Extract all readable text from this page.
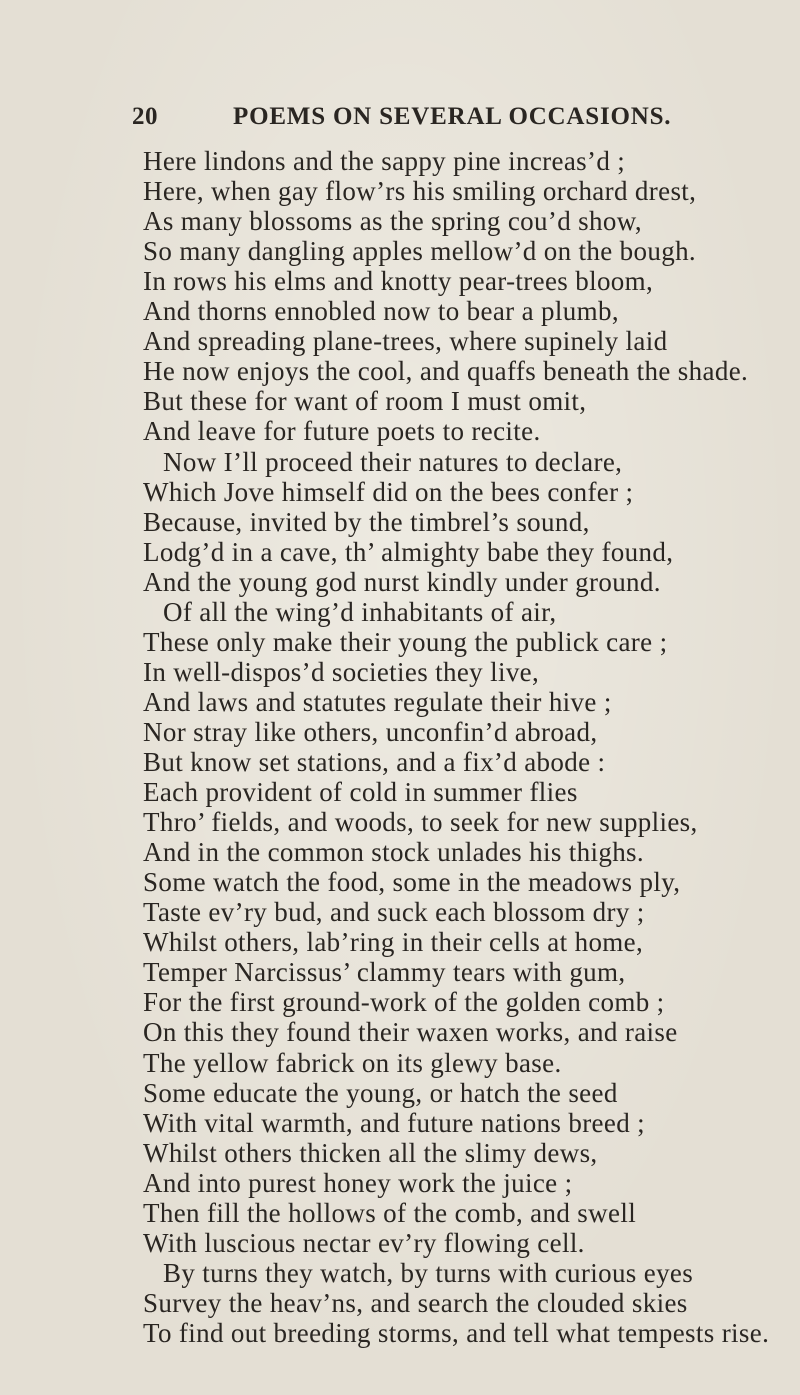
20	POEMS ON SEVERAL OCCASIONS.
Here lindons and the sappy pine increas’d ;
Here, when gay flow’rs his smiling orchard drest,
As many blossoms as the spring cou’d show,
So many dangling apples mellow’d on the bough.
In rows his elms and knotty pear-trees bloom,
And thorns ennobled now to bear a plumb,
And spreading plane-trees, where supinely laid
He now enjoys the cool, and quaffs beneath the shade.
But these for want of room I must omit,
And leave for future poets to recite.
Now I’ll proceed their natures to declare,
Which Jove himself did on the bees confer ;
Because, invited by the timbrel’s sound,
Lodg’d in a cave, th’ almighty babe they found,
And the young god nurst kindly under ground.
Of all the wing’d inhabitants of air,
These only make their young the publick care ;
In well-dispos’d societies they live,
And laws and statutes regulate their hive ;
Nor stray like others, unconfin’d abroad,
But know set stations, and a fix’d abode :
Each provident of cold in summer flies
Thro’ fields, and woods, to seek for new supplies,
And in the common stock unlades his thighs.
Some watch the food, some in the meadows ply,
Taste ev’ry bud, and suck each blossom dry ;
Whilst others, lab’ring in their cells at home,
Temper Narcissus’ clammy tears with gum,
For the first ground-work of the golden comb ;
On this they found their waxen works, and raise
The yellow fabrick on its glewy base.
Some educate the young, or hatch the seed
With vital warmth, and future nations breed ;
Whilst others thicken all the slimy dews,
And into purest honey work the juice ;
Then fill the hollows of the comb, and swell
With luscious nectar ev’ry flowing cell.
By turns they watch, by turns with curious eyes
Survey the heav’ns, and search the clouded skies
To find out breeding storms, and tell what tempests rise.
